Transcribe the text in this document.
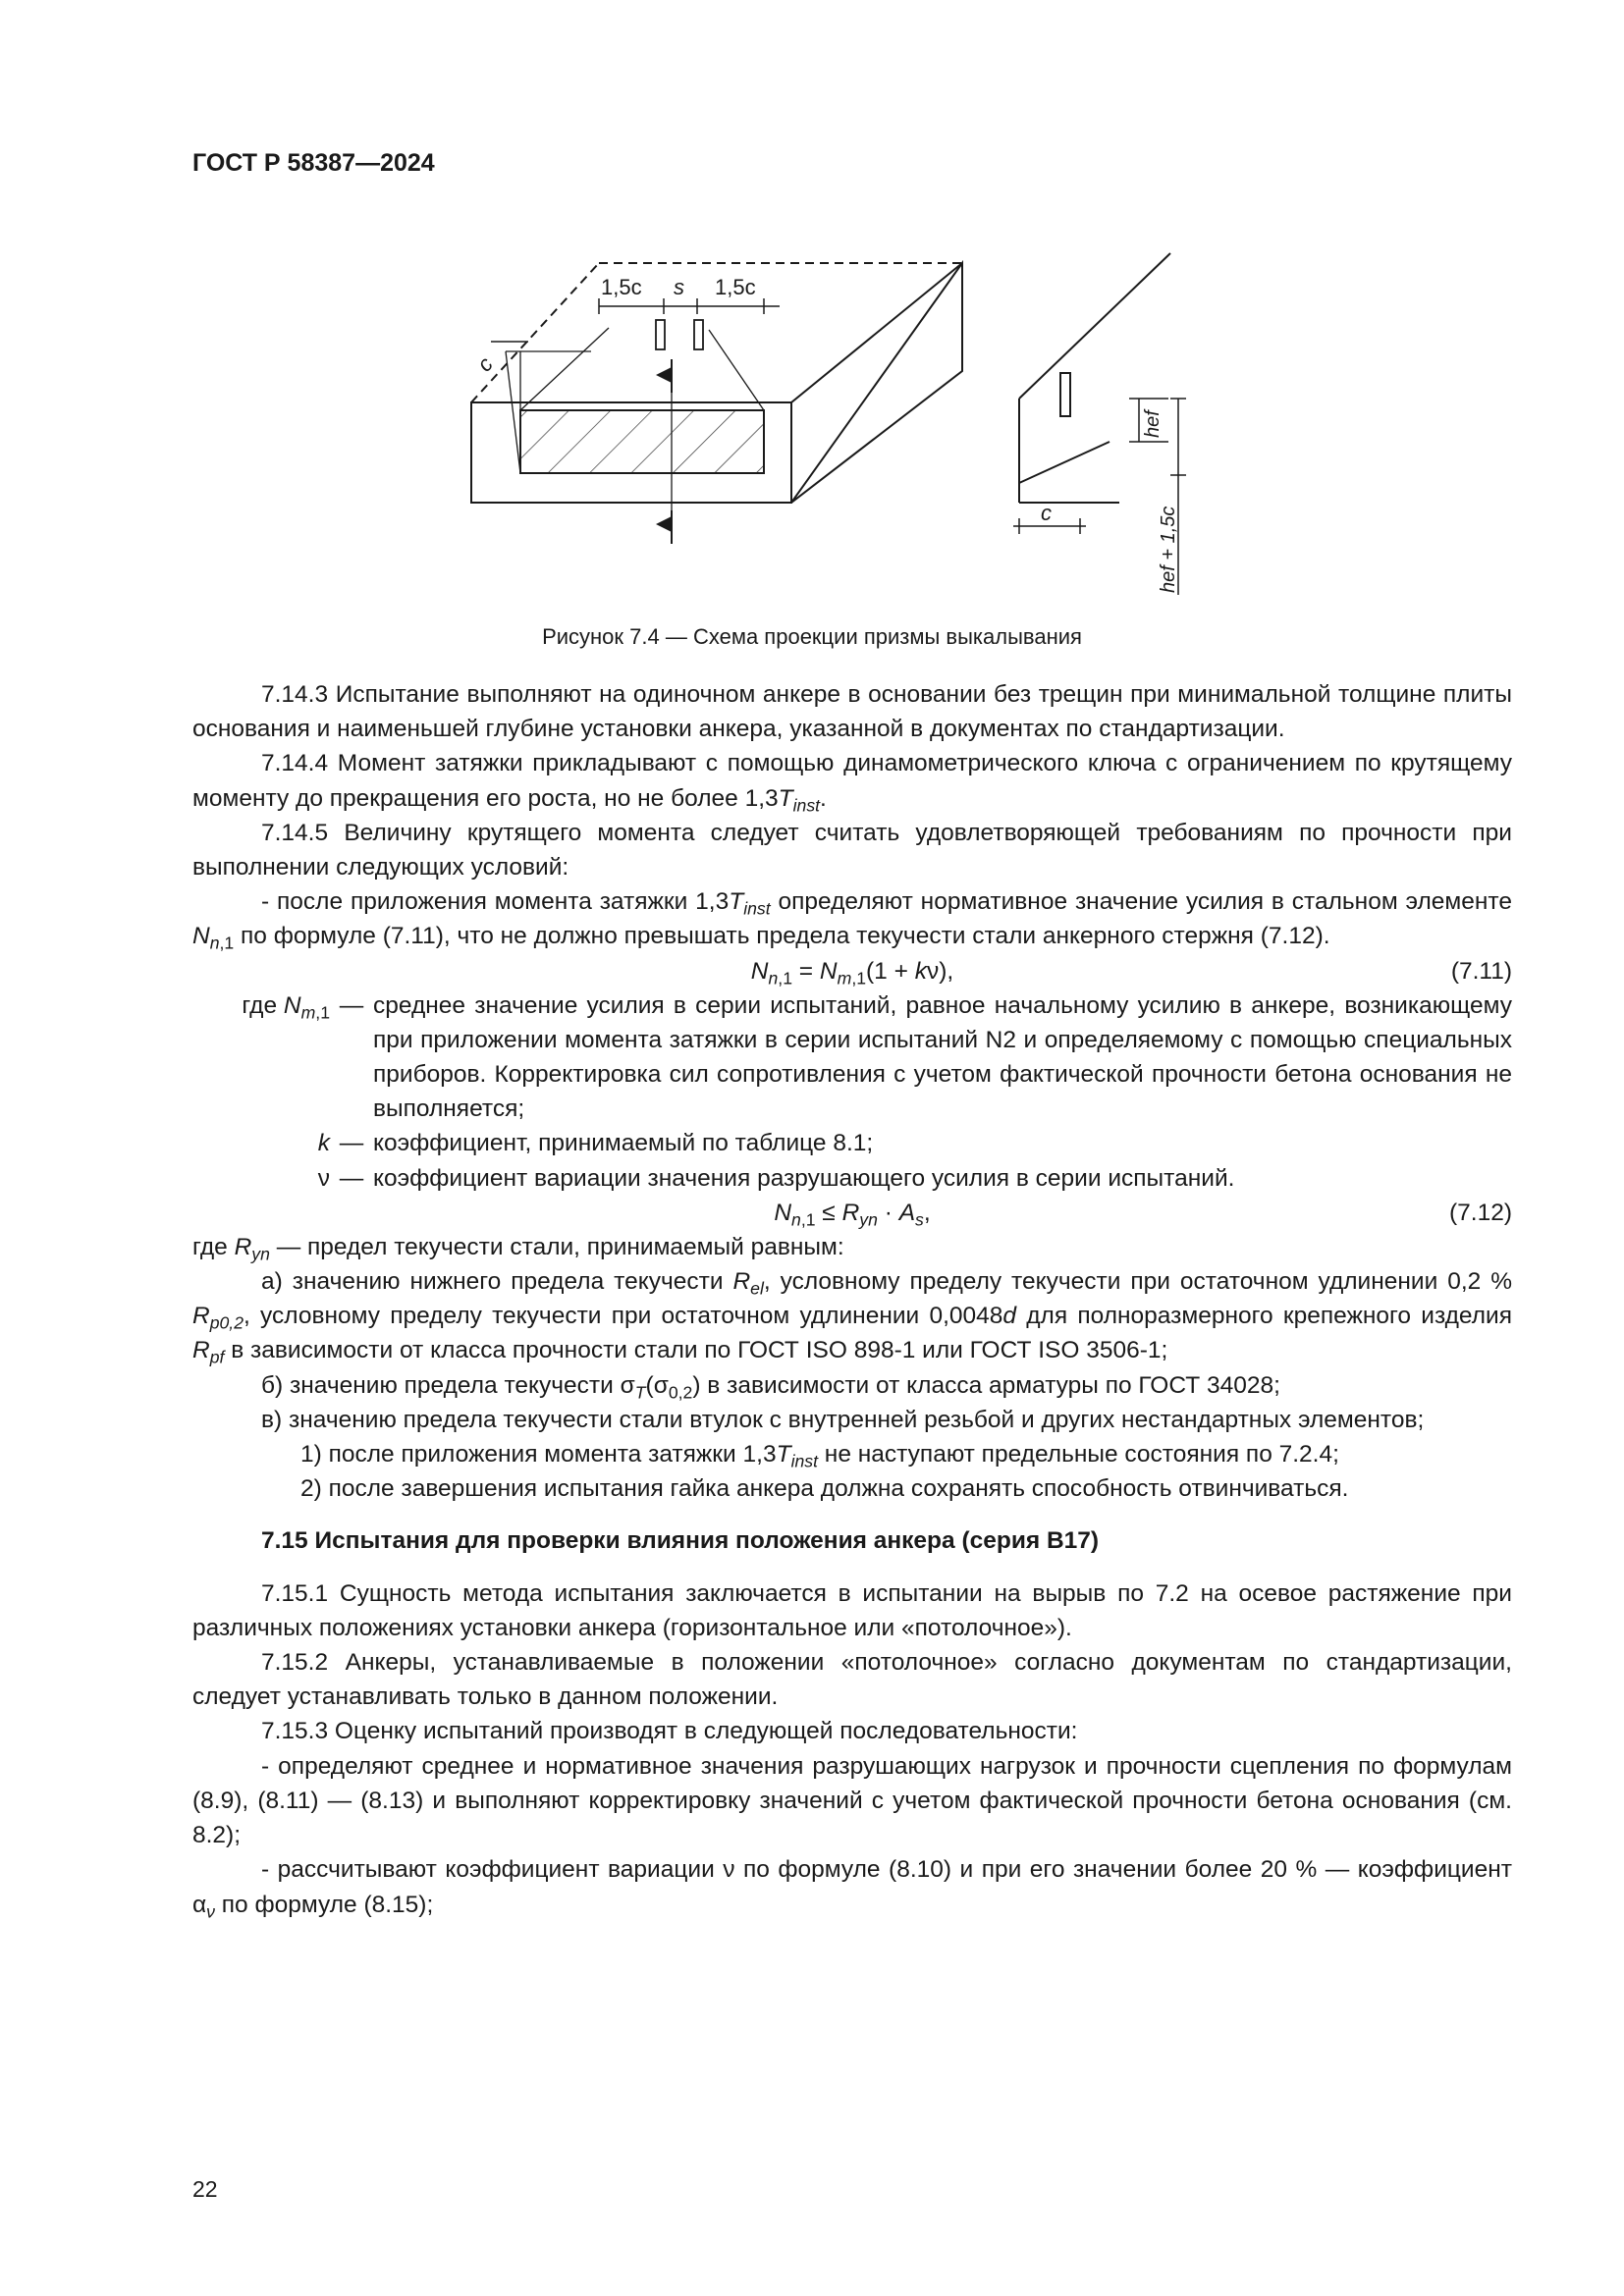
ГОСТ Р 58387—2024
1,5c s 1,5c
c
c
hef
hef + 1,5c
Рисунок 7.4 — Схема проекции призмы выкалывания

7.14.3 Испытание выполняют на одиночном анкере в основании без трещин при минимальной толщине плиты основания и наименьшей глубине установки анкера, указанной в документах по стандартизации.

7.14.4 Момент затяжки прикладывают с помощью динамометрического ключа с ограничением по крутящему моменту до прекращения его роста, но не более $1,3T_{inst}$.

7.14.5 Величину крутящего момента следует считать удовлетворяющей требованиям по прочности при выполнении следующих условий:

- после приложения момента затяжки $1,3T_{inst}$ определяют нормативное значение усилия в стальном элементе $N_{n,1}$ по формуле (7.11), что не должно превышать предела текучести стали анкерного стержня (7.12).

$N_{n,1} = N_{m,1}(1 + k\nu)$,	(7.11)
где $N_{m,1}$ — среднее значение усилия в серии испытаний, равное начальному усилию в анкере, возникающему при приложении момента затяжки в серии испытаний N2 и определяемому с помощью специальных приборов. Корректировка сил сопротивления с учетом фактической прочности бетона основания не выполняется;
k — коэффициент, принимаемый по таблице 8.1;
ν — коэффициент вариации значения разрушающего усилия в серии испытаний.
$N_{n,1} \le R_{yn} \cdot A_s$,	(7.12)

где $R_{yn}$ — предел текучести стали, принимаемый равным:

а) значению нижнего предела текучести $R_{el}$, условному пределу текучести при остаточном удлинении 0,2 % $R_{p0,2}$, условному пределу текучести при остаточном удлинении 0,0048d для полноразмерного крепежного изделия $R_{pf}$ в зависимости от класса прочности стали по ГОСТ ISO 898-1 или ГОСТ ISO 3506-1;

б) значению предела текучести $\sigma_T(\sigma_{0,2})$ в зависимости от класса арматуры по ГОСТ 34028;

в) значению предела текучести стали втулок с внутренней резьбой и других нестандартных элементов;

1) после приложения момента затяжки $1,3T_{inst}$ не наступают предельные состояния по 7.2.4;

2) после завершения испытания гайка анкера должна сохранять способность отвинчиваться.

7.15 Испытания для проверки влияния положения анкера (серия В17)

7.15.1 Сущность метода испытания заключается в испытании на вырыв по 7.2 на осевое растяжение при различных положениях установки анкера (горизонтальное или «потолочное»).

7.15.2 Анкеры, устанавливаемые в положении «потолочное» согласно документам по стандартизации, следует устанавливать только в данном положении.

7.15.3 Оценку испытаний производят в следующей последовательности:

- определяют среднее и нормативное значения разрушающих нагрузок и прочности сцепления по формулам (8.9), (8.11) — (8.13) и выполняют корректировку значений с учетом фактической прочности бетона основания (см. 8.2);

- рассчитывают коэффициент вариации ν по формуле (8.10) и при его значении более 20 % — коэффициент $\alpha_\nu$ по формуле (8.15);

22
